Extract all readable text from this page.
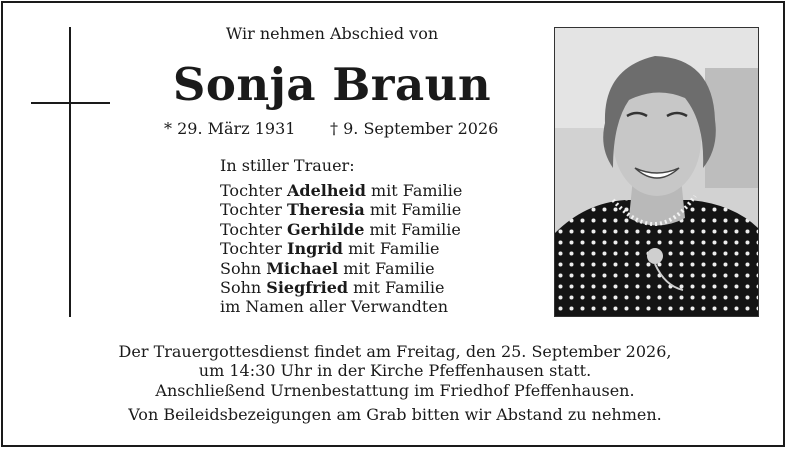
Wir nehmen Abschied von
Sonja Braun
* 29. März 1931 † 9. September 2026
In stiller Trauer:
Tochter Adelheid mit Familie
Tochter Theresia mit Familie
Tochter Gerhilde mit Familie
Tochter Ingrid mit Familie
Sohn Michael mit Familie
Sohn Siegfried mit Familie
im Namen aller Verwandten
Der Trauergottesdienst findet am Freitag, den 25. September 2026,
um 14:30 Uhr in der Kirche Pfeffenhausen statt.
Anschließend Urnenbestattung im Friedhof Pfeffenhausen.
Von Beileidsbezeigungen am Grab bitten wir Abstand zu nehmen.
